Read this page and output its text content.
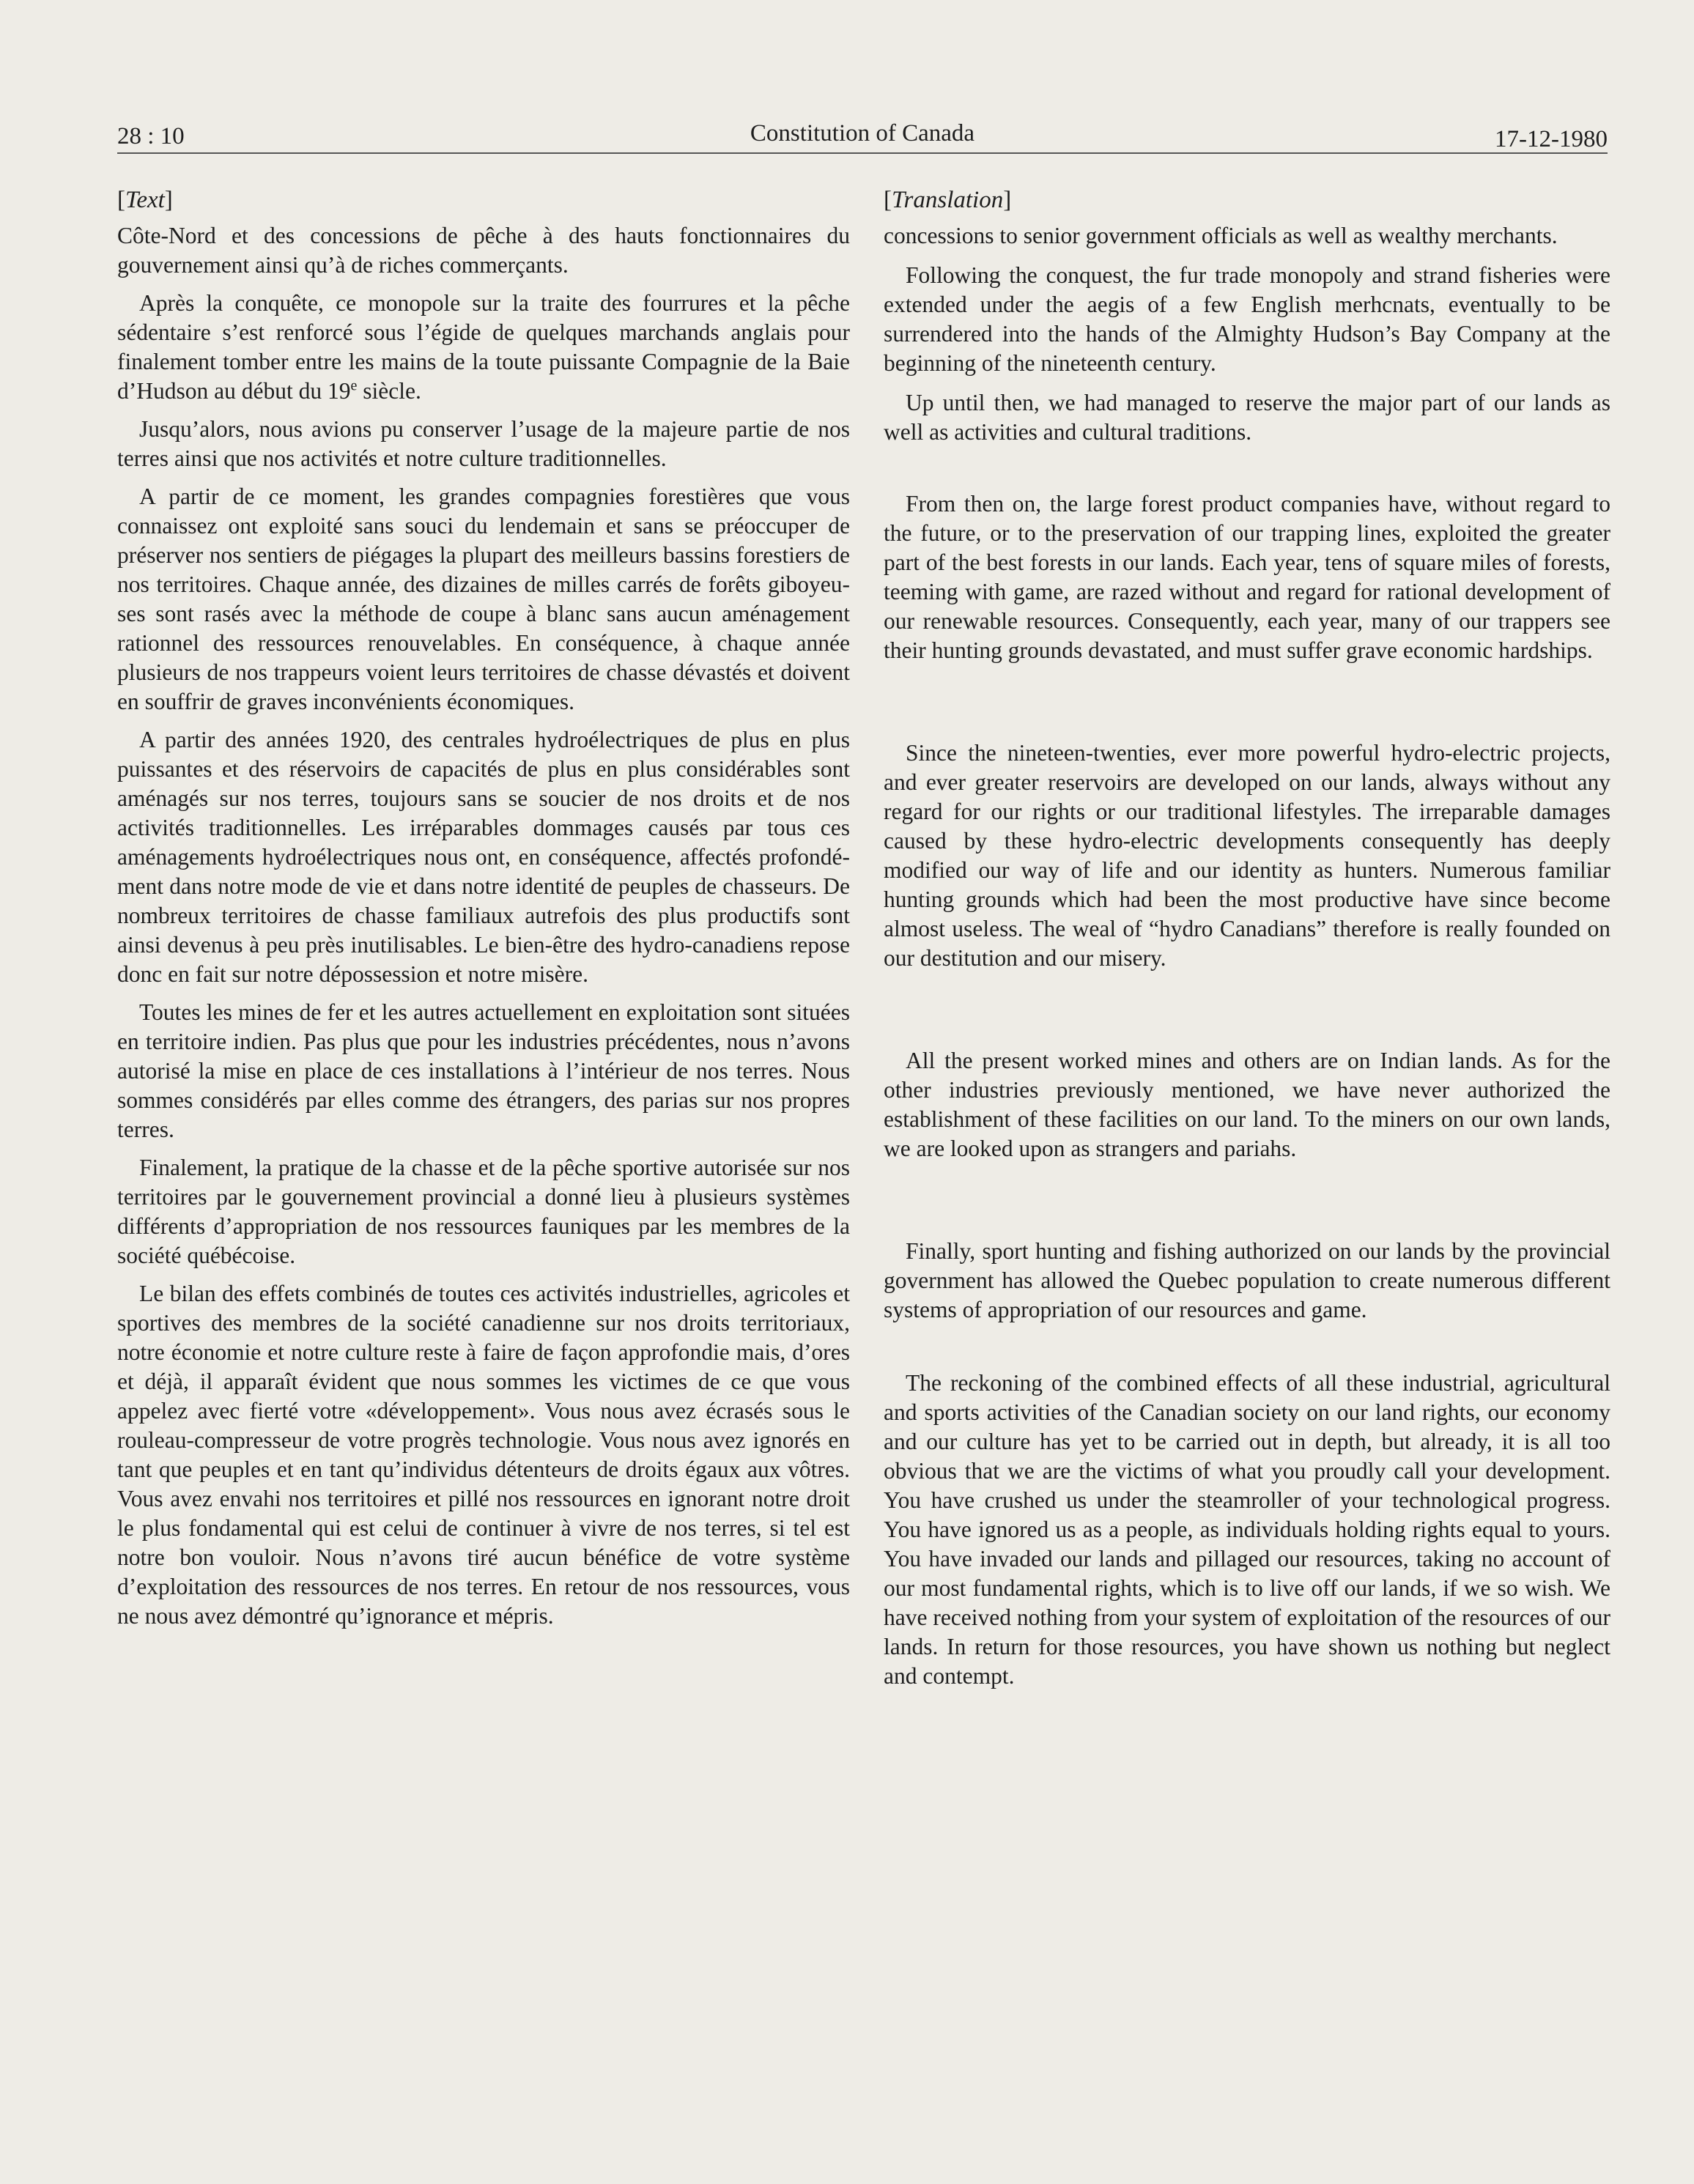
28 : 10	Constitution of Canada	17-12-1980
[Text]

Côte-Nord et des concessions de pêche à des hauts fonctionnaires du gouvernement ainsi qu’à de riches commerçants.

Après la conquête, ce monopole sur la traite des fourrures et la pêche sédentaire s’est renforcé sous l’égide de quelques marchands anglais pour finalement tomber entre les mains de la toute puissante Compagnie de la Baie d’Hudson au début du 19e siècle.

Jusqu’alors, nous avions pu conserver l’usage de la majeure partie de nos terres ainsi que nos activités et notre culture traditionnelles.

A partir de ce moment, les grandes compagnies forestières que vous connaissez ont exploité sans souci du lendemain et sans se préoccuper de préserver nos sentiers de piégages la plupart des meilleurs bassins forestiers de nos territoires. Chaque année, des dizaines de milles carrés de forêts giboyeuses sont rasés avec la méthode de coupe à blanc sans aucun aménagement rationnel des ressources renouvelables. En conséquence, à chaque année plusieurs de nos trappeurs voient leurs territoires de chasse dévastés et doivent en souffrir de graves inconvénients économiques.

A partir des années 1920, des centrales hydroélectriques de plus en plus puissantes et des réservoirs de capacités de plus en plus considérables sont aménagés sur nos terres, toujours sans se soucier de nos droits et de nos activités traditionnelles. Les irréparables dommages causés par tous ces aménagements hydroélectriques nous ont, en conséquence, affectés profondément dans notre mode de vie et dans notre identité de peuples de chasseurs. De nombreux territoires de chasse familiaux autrefois des plus productifs sont ainsi devenus à peu près inutilisables. Le bien-être des hydro-canadiens repose donc en fait sur notre dépossession et notre misère.

Toutes les mines de fer et les autres actuellement en exploitation sont situées en territoire indien. Pas plus que pour les industries précédentes, nous n’avons autorisé la mise en place de ces installations à l’intérieur de nos terres. Nous sommes considérés par elles comme des étrangers, des parias sur nos propres terres.

Finalement, la pratique de la chasse et de la pêche sportive autorisée sur nos territoires par le gouvernement provincial a donné lieu à plusieurs systèmes différents d’appropriation de nos ressources fauniques par les membres de la société québécoise.

Le bilan des effets combinés de toutes ces activités industrielles, agricoles et sportives des membres de la société canadienne sur nos droits territoriaux, notre économie et notre culture reste à faire de façon approfondie mais, d’ores et déjà, il apparaît évident que nous sommes les victimes de ce que vous appelez avec fierté votre «développement». Vous nous avez écrasés sous le rouleau-compresseur de votre progrès technologie. Vous nous avez ignorés en tant que peuples et en tant qu’individus détenteurs de droits égaux aux vôtres. Vous avez envahi nos territoires et pillé nos ressources en ignorant notre droit le plus fondamental qui est celui de continuer à vivre de nos terres, si tel est notre bon vouloir. Nous n’avons tiré aucun bénéfice de votre système d’exploitation des ressources de nos terres. En retour de nos ressources, vous ne nous avez démontré qu’ignorance et mépris.

[Translation]

concessions to senior government officials as well as wealthy merchants.

Following the conquest, the fur trade monopoly and strand fisheries were extended under the aegis of a few English merhcnats, eventually to be surrendered into the hands of the Almighty Hudson’s Bay Company at the beginning of the nineteenth century.

Up until then, we had managed to reserve the major part of our lands as well as activities and cultural traditions.

From then on, the large forest product companies have, without regard to the future, or to the preservation of our trapping lines, exploited the greater part of the best forests in our lands. Each year, tens of square miles of forests, teeming with game, are razed without and regard for rational development of our renewable resources. Consequently, each year, many of our trappers see their hunting grounds devastated, and must suffer grave economic hardships.

Since the nineteen-twenties, ever more powerful hydro-electric projects, and ever greater reservoirs are developed on our lands, always without any regard for our rights or our traditional lifestyles. The irreparable damages caused by these hydro-electric developments consequently has deeply modified our way of life and our identity as hunters. Numerous familiar hunting grounds which had been the most productive have since become almost useless. The weal of “hydro Canadians” therefore is really founded on our destitution and our misery.

All the present worked mines and others are on Indian lands. As for the other industries previously mentioned, we have never authorized the establishment of these facilities on our land. To the miners on our own lands, we are looked upon as strangers and pariahs.

Finally, sport hunting and fishing authorized on our lands by the provincial government has allowed the Quebec population to create numerous different systems of appropriation of our resources and game.

The reckoning of the combined effects of all these industrial, agricultural and sports activities of the Canadian society on our land rights, our economy and our culture has yet to be carried out in depth, but already, it is all too obvious that we are the victims of what you proudly call your development. You have crushed us under the steamroller of your technological progress. You have ignored us as a people, as individuals holding rights equal to yours. You have invaded our lands and pillaged our resources, taking no account of our most fundamental rights, which is to live off our lands, if we so wish. We have received nothing from your system of exploitation of the resources of our lands. In return for those resources, you have shown us nothing but neglect and contempt.
